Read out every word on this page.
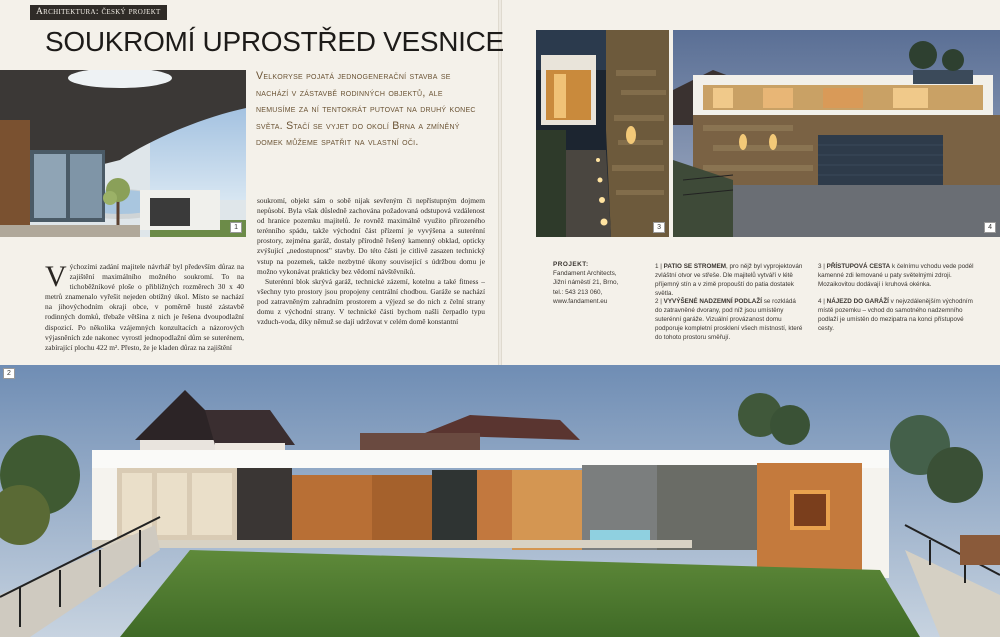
Architektura: český projekt
SOUKROMÍ UPROSTŘED VESNICE
1
Velkoryse pojatá jednogenerační stavba se nachází v zástavbě rodinných objektů, ale nemusíme za ní tentokrát putovat na druhý konec světa. Stačí se vyjet do okolí Brna a zmíněný domek můžeme spatřit na vlastní oči.
Výchozími zadání majitele návrhář byl především důraz na zajištění maximálního možného soukromí. To na tichoběžníkové ploše o přibližných rozměrech 30 x 40 metrů znamenalo vyřešit nejeden obtížný úkol. Místo se nachází na jihovýchodním okraji obce, v poměrně husté zástavbě rodinných domků, třebaže většina z nich je řešena dvoupodlažní dispozicí. Po několika vzájemných konzultacích a názorových výjasněních zde nakonec vyrostl jednopodlažní dům se suterénem, zabírající plochu 422 m². Přesto, že je kladen důraz na zajištění
soukromí, objekt sám o sobě nijak sevřeným či nepřístupným dojmem nepůsobí. Byla však důsledně zachována požadovaná odstupová vzdálenost od hranice pozemku majitelů. Je rovněž maximálně využito přirozeného terénního spádu, takže východní část přízemí je vyvýšena a suterénní prostory, zejména garáž, dostaly přírodně řešený kamenný obklad, opticky zvýšující „nedostupnost" stavby. Do této části je citlivě zasazen technický vstup na pozemek, takže nezbytné úkony související s údržbou domu je možno vykonávat prakticky bez vědomí návštěvníků.
Suterénní blok skrývá garáž, technické zázemí, kotelnu a také fitness – všechny tyto prostory jsou propojeny centrální chodbou. Garáže se nachází pod zatravněným zahradním prostorem a výjezd se do nich z čelní strany domu z východní strany. V technické části bychom našli čerpadlo typu vzduch-voda, díky němuž se dají udržovat v celém domě konstantní
3	4
PROJEKT:
Fandament Architects,
Jižní náměstí 21, Brno,
tel.: 543 213 060,
www.fandament.eu
1 | PATIO SE STROMEM, pro nějž byl vyprojektován zvláštní otvor ve střeše. Dle majitelů vytváří v létě příjemný stín a v zimě propouští do patia dostatek světla.
2 | VYVÝŠENÉ NADZEMNÍ PODLAŽÍ se rozkládá do zatravněné dvorany, pod níž jsou umístěny suterénní garáže. Vizuální provázanost domu podporuje kompletní prosklení všech místností, které do tohoto prostoru směřují.
3 | PŘÍSTUPOVÁ CESTA k čelnímu vchodu vede podél kamenné zdi lemované u paty světelnými zdroji. Mozaikovitou dodávají i kruhová okénka.
4 | NÁJEZD DO GARÁŽÍ v nejvzdálenějším východním místě pozemku – vchod do samotného nadzemního podlaží je umístěn do mezipatra na konci přístupové cesty.
2
